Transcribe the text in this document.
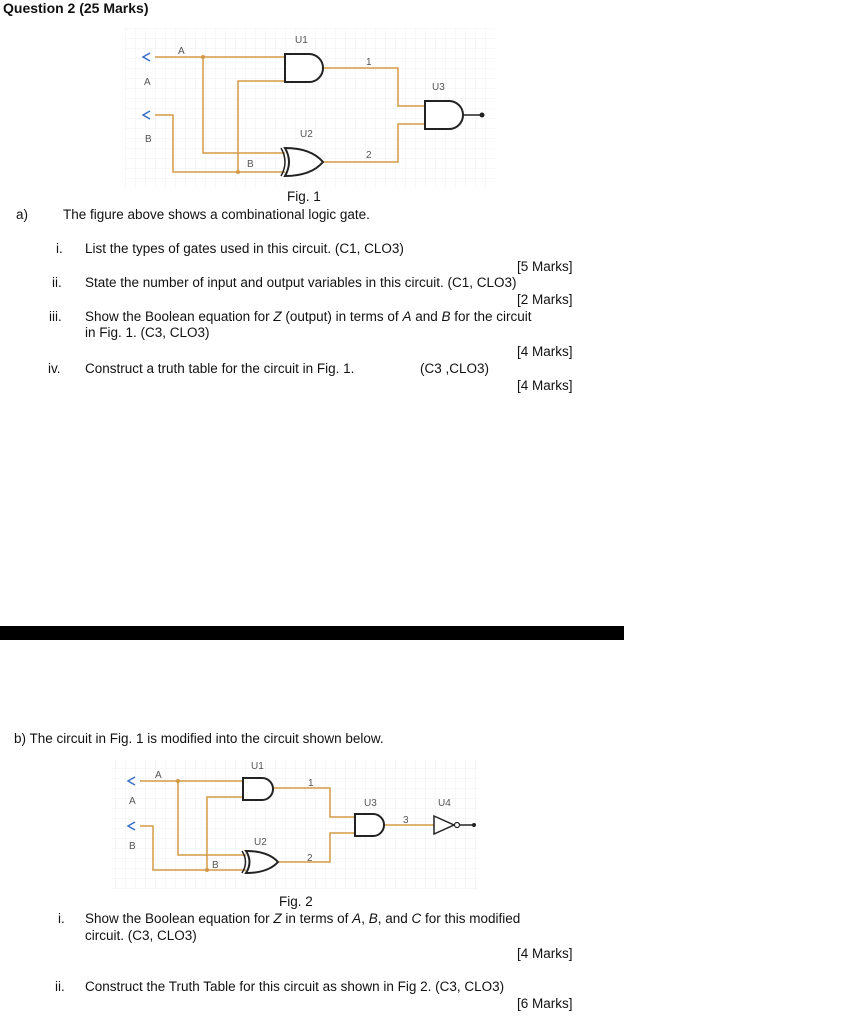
Question 2 (25 Marks)
U1
U2
U3
A
A
B
B
1
2
U1
U2
U3	U4
A
A
B
B
1
2
3
Fig. 1
a)	The figure above shows a combinational logic gate.
i. List the types of gates used in this circuit. (C1, CLO3)
[5 Marks]
ii. State the number of input and output variables in this circuit. (C1, CLO3)
[2 Marks]
iii. Show the Boolean equation for Z (output) in terms of A and B for the circuit
in Fig. 1. (C3, CLO3)
[4 Marks]
iv. Construct a truth table for the circuit in Fig. 1.	(C3 ,CLO3)
[4 Marks]
b) The circuit in Fig. 1 is modified into the circuit shown below.
Fig. 2
i. Show the Boolean equation for Z in terms of A, B, and C for this modified
circuit. (C3, CLO3)
[4 Marks]
ii. Construct the Truth Table for this circuit as shown in Fig 2. (C3, CLO3)
[6 Marks]
